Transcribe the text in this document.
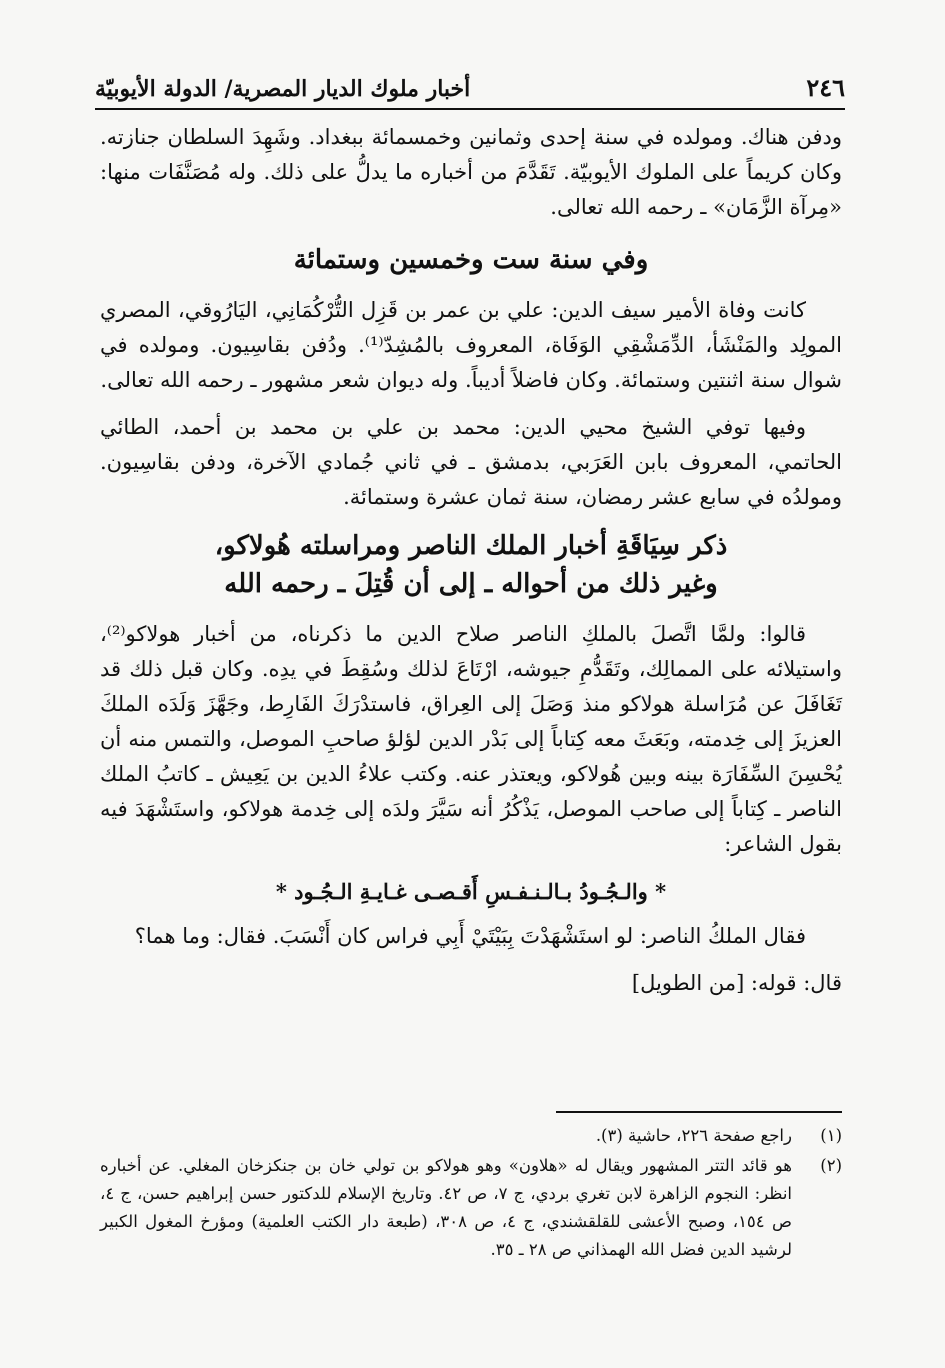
٢٤٦
أخبار ملوك الديار المصرية/ الدولة الأيوبيّة

ودفن هناك. ومولده في سنة إحدى وثمانين وخمسمائة ببغداد. وشَهِدَ السلطان جنازته. وكان كريماً على الملوك الأيوبيّة. تَقَدَّمَ من أخباره ما يدلُّ على ذلك. وله مُصَنَّفَات منها: «مِرآة الزَّمَان» ـ رحمه الله تعالى.

وفي سنة ست وخمسين وستمائة

كانت وفاة الأمير سيف الدين: علي بن عمر بن قَزِل التُّرْكُمَانِي، اليَارُوقي، المصري المولِد والمَنْشَأ، الدِّمَشْقِي الوَفَاة، المعروف بالمُشِدّ⁽¹⁾. ودُفن بقاسِيون. ومولده في شوال سنة اثنتين وستمائة. وكان فاضلاً أديباً. وله ديوان شعر مشهور ـ رحمه الله تعالى.

وفيها توفي الشيخ محيي الدين: محمد بن علي بن محمد بن أحمد، الطائي الحاتمي، المعروف بابن العَرَبي، بدمشق ـ في ثاني جُمادي الآخرة، ودفن بقاسِيون. ومولدُه في سابع عشر رمضان، سنة ثمان عشرة وستمائة.

ذكر سِيَاقَةِ أخبار الملك الناصر ومراسلته هُولاكو،
وغير ذلك من أحواله ـ إلى أن قُتِلَ ـ رحمه الله

قالوا: ولمَّا اتَّصلَ بالملكِ الناصر صلاح الدين ما ذكرناه، من أخبار هولاكو⁽²⁾، واستيلائه على الممالِك، وتَقَدُّمِ جيوشه، ارْتَاعَ لذلك وسُقِطَ في يدِه. وكان قبل ذلك قد تَغَافَلَ عن مُرَاسلة هولاكو منذ وَصَلَ إلى العِراق، فاستدْرَكَ الفَارِط، وجَهَّزَ وَلَدَه الملكَ العزيزَ إلى خِدمته، وبَعَثَ معه كِتاباً إلى بَدْر الدين لؤلؤ صاحبِ الموصل، والتمس منه أن يُحْسِنَ السِّفَارَة بينه وبين هُولاكو، ويعتذر عنه. وكتب علاءُ الدين بن يَعِيش ـ كاتبُ الملك الناصر ـ كِتاباً إلى صاحب الموصل، يَذْكُرُ أنه سَيَّرَ ولدَه إلى خِدمة هولاكو، واستَشْهَدَ فيه بقول الشاعر:

* والـجُـودُ بـالـنـفـسِ أَقـصـى غـايـةِ الـجُـود *

فقال الملكُ الناصر: لو استَشْهَدْتَ بِبَيْتَيْ أَبِي فراس كان أَنْسَبَ. فقال: وما هما؟

قال: قوله: [من الطويل]

(١)
راجع صفحة ٢٢٦، حاشية (٣).
(٢)
هو قائد التتر المشهور ويقال له «هلاون» وهو هولاكو بن تولي خان بن جنكزخان المغلي. عن أخباره انظر: النجوم الزاهرة لابن تغري بردي، ج ٧، ص ٤٢. وتاريخ الإسلام للدكتور حسن إبراهيم حسن، ج ٤، ص ١٥٤، وصبح الأعشى للقلقشندي، ج ٤، ص ٣٠٨، (طبعة دار الكتب العلمية) ومؤرخ المغول الكبير لرشيد الدين فضل الله الهمذاني ص ٢٨ ـ ٣٥.
